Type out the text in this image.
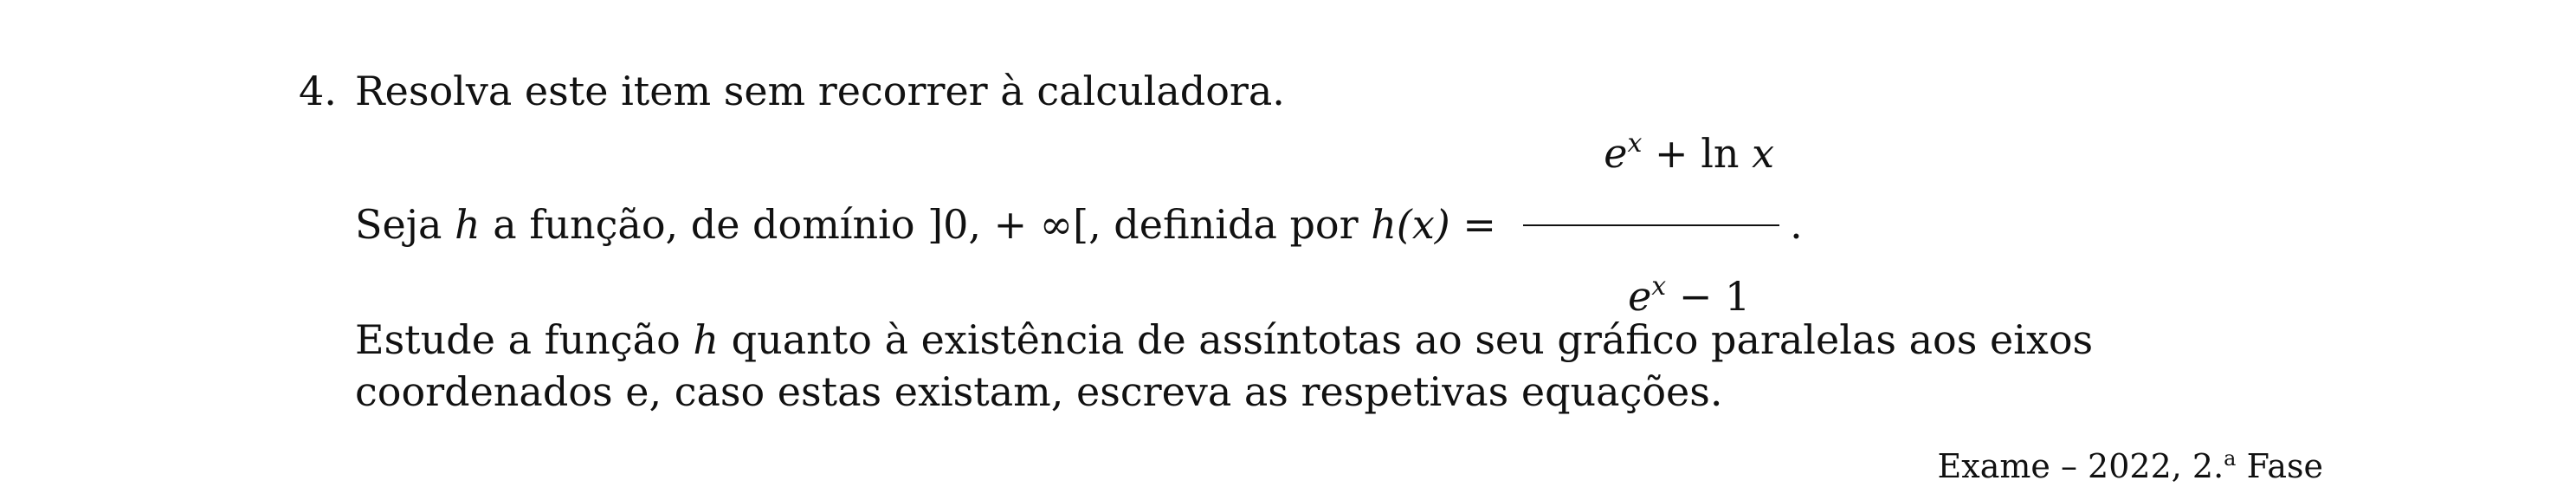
4. Resolva este item sem recorrer à calculadora.
Seja h a função, de domínio ]0, + ∞[, definida por $h(x) = \frac{e^x + \ln x}{e^x - 1}$
.
Estude a função h quanto à existência de assíntotas ao seu gráfico paralelas aos eixos coordenados e, caso estas existam, escreva as respetivas equações.
Exame – 2022, 2.$^a$ Fase
